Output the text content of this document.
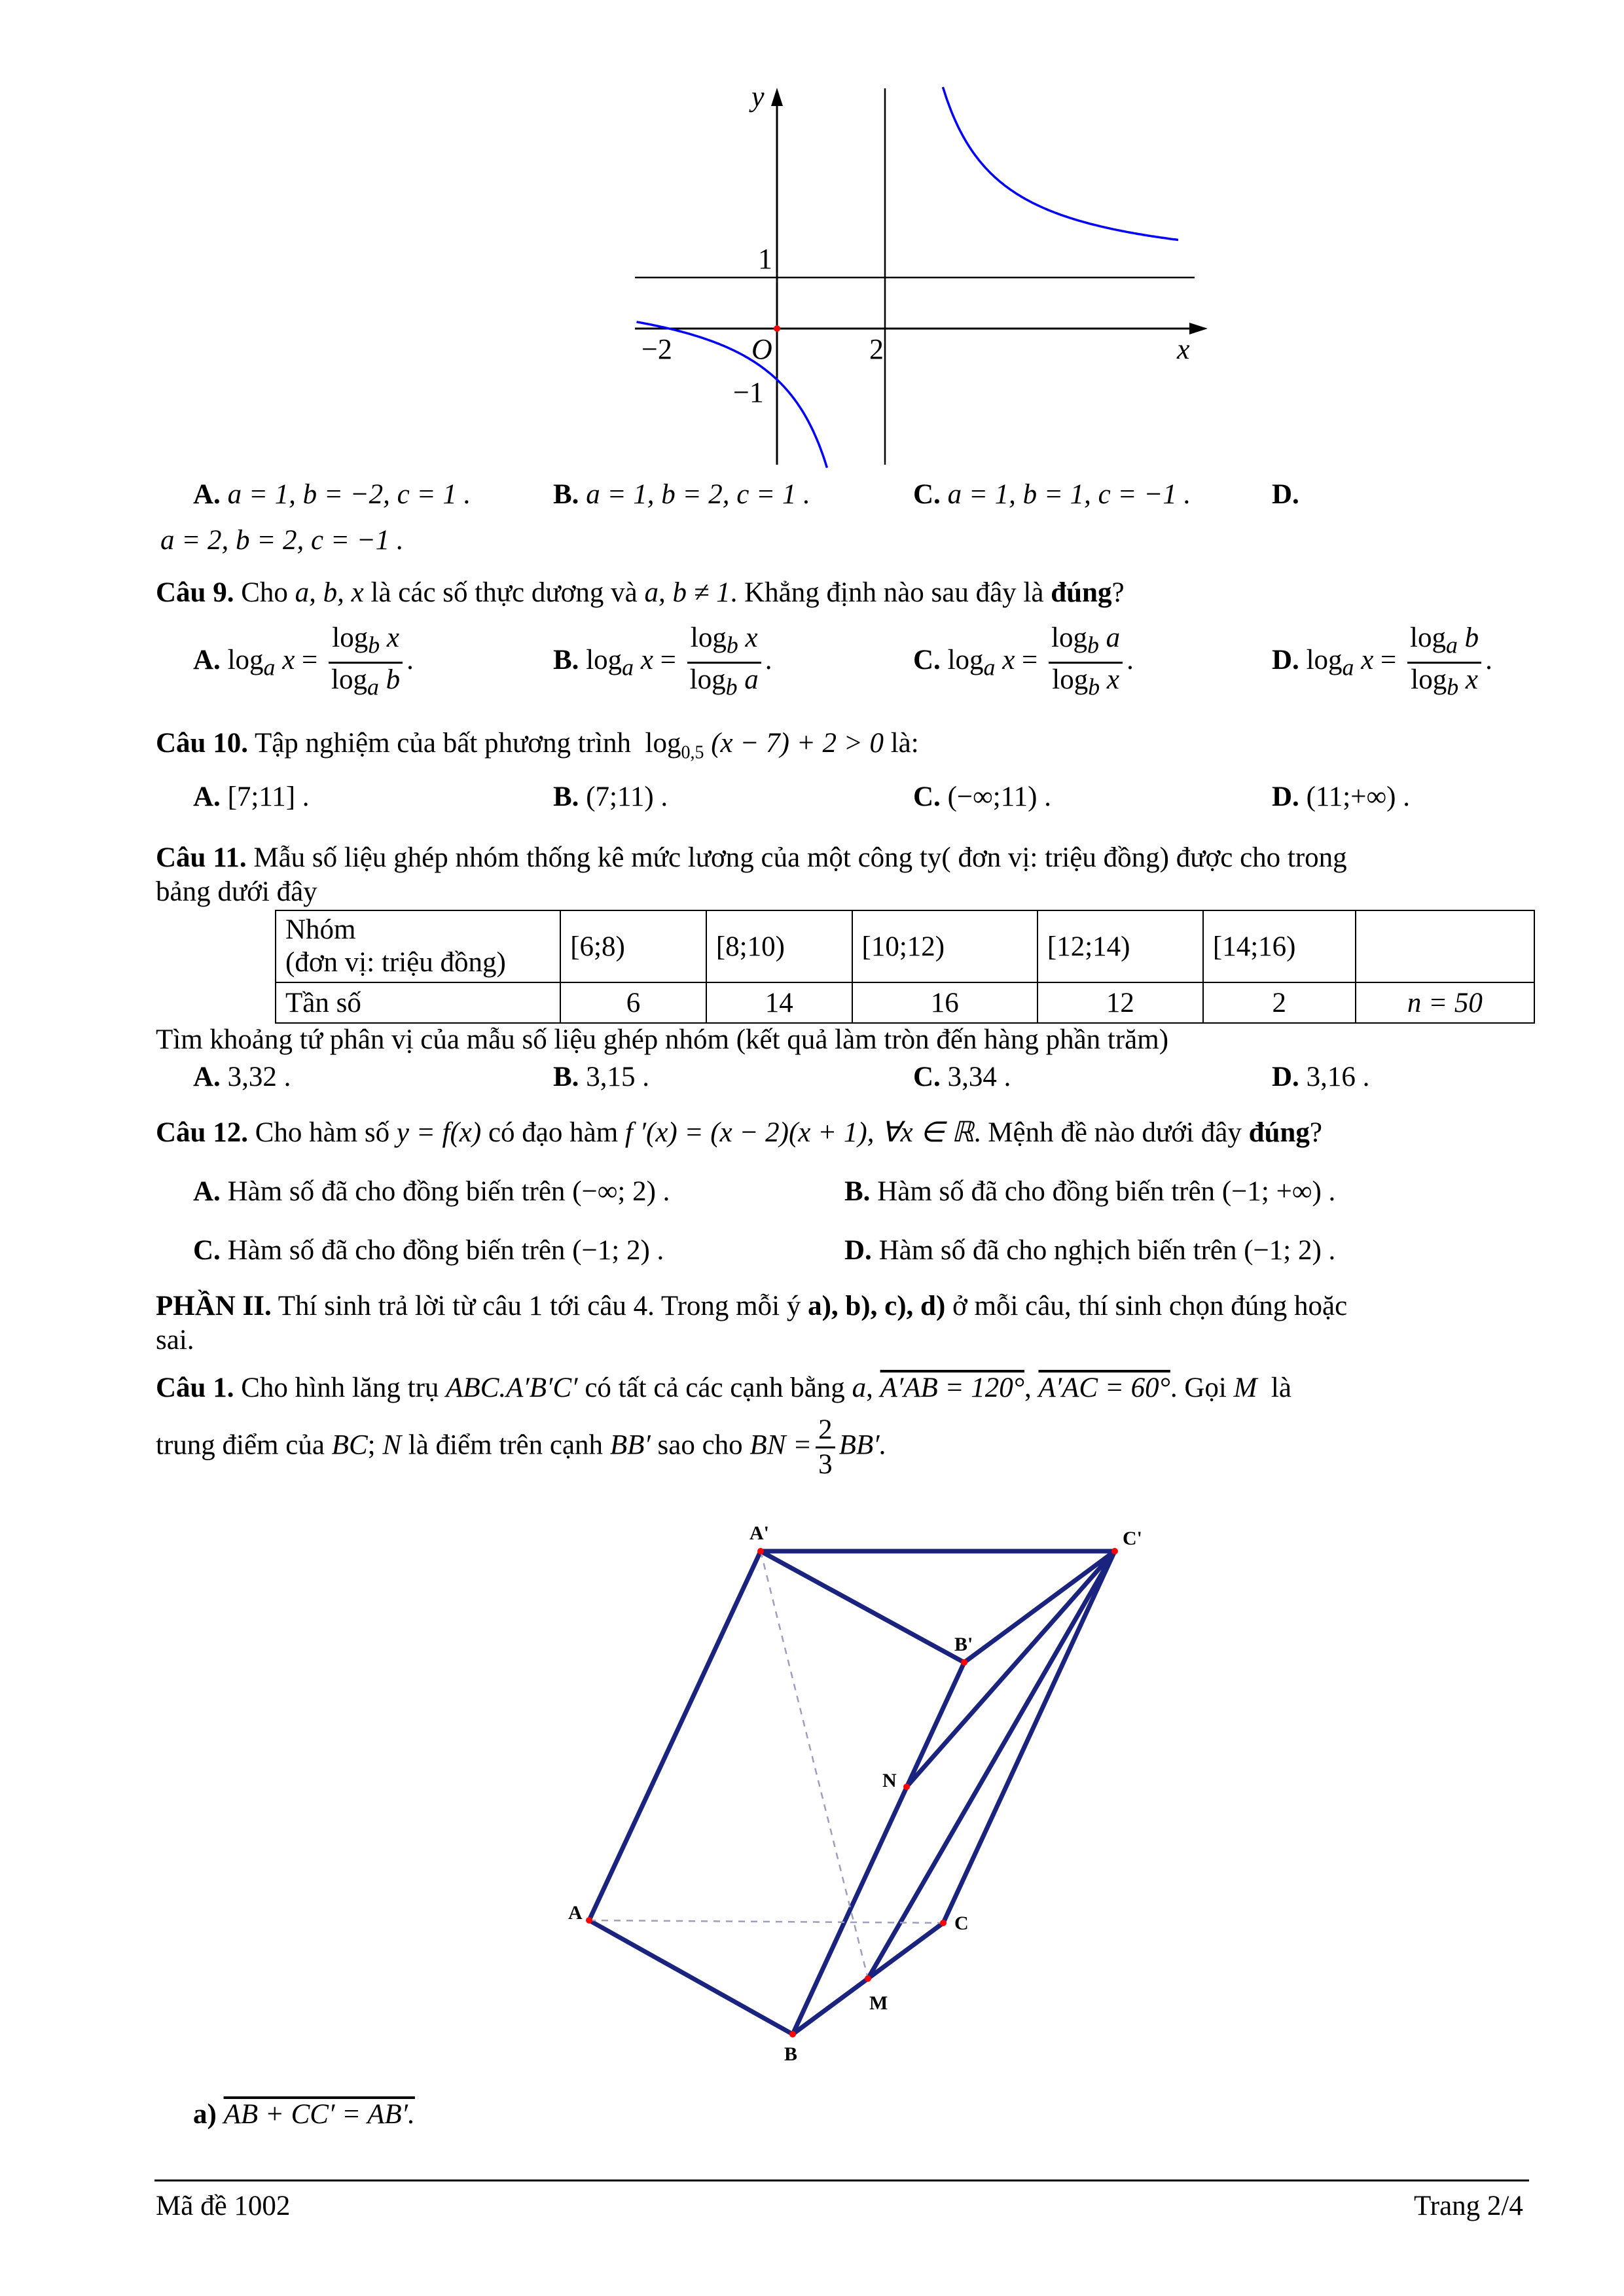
y
x
O
1
−1
−2	2
A. a = 1, b = −2, c = 1 .	B. a = 1, b = 2, c = 1 .	C. a = 1, b = 1, c = −1 .	D.
a = 2, b = 2, c = −1 .
Câu 9. Cho a, b, x là các số thực dương và a, b ≠ 1. Khẳng định nào sau đây là đúng?
A. $\log_a x = \frac{\log_b x}{\log_a b}$ .	B. $\log_a x = \frac{\log_b x}{\log_b a}$ .	C. $\log_a x = \frac{\log_b a}{\log_b x}$ .	D. $\log_a x = \frac{\log_a b}{\log_b x}$ .
Câu 10. Tập nghiệm của bất phương trình $\log_{0,5} (x - 7) + 2 > 0$ là:
A. [7;11] .	B. (7;11) .	C. (−∞;11) .	D. (11;+∞) .
Câu 11. Mẫu số liệu ghép nhóm thống kê mức lương của một công ty( đơn vị: triệu đồng) được cho trong
bảng dưới đây
Nhóm
(đơn vị: triệu đồng)	[6;8)	[8;10)	[10;12)	[12;14)	[14;16)	
Tần số	6	14	16	12	2	n = 50
Tìm khoảng tứ phân vị của mẫu số liệu ghép nhóm (kết quả làm tròn đến hàng phần trăm)
A. 3,32 .	B. 3,15 .	C. 3,34 .	D. 3,16 .
Câu 12. Cho hàm số y = f(x) có đạo hàm f ′(x) = (x − 2)(x + 1), ∀x ∈ ℝ. Mệnh đề nào dưới đây đúng?
A. Hàm số đã cho đồng biến trên (−∞; 2) .	B. Hàm số đã cho đồng biến trên (−1; +∞) .
C. Hàm số đã cho đồng biến trên (−1; 2) .	D. Hàm số đã cho nghịch biến trên (−1; 2) .
PHẦN II. Thí sinh trả lời từ câu 1 tới câu 4. Trong mỗi ý a), b), c), d) ở mỗi câu, thí sinh chọn đúng hoặc
sai.
Câu 1. Cho hình lăng trụ ABC.A′B′C′ có tất cả các cạnh bằng a, A′AB = 120°, A′AC = 60°. Gọi M là
trung điểm của BC; N là điểm trên cạnh BB′ sao cho BN = $\frac{2}{3} BB'$.
A'	C'
B'
N
A	C
M
B
a) AB + CC′ = AB′.
Mã đề 1002	Trang 2/4
